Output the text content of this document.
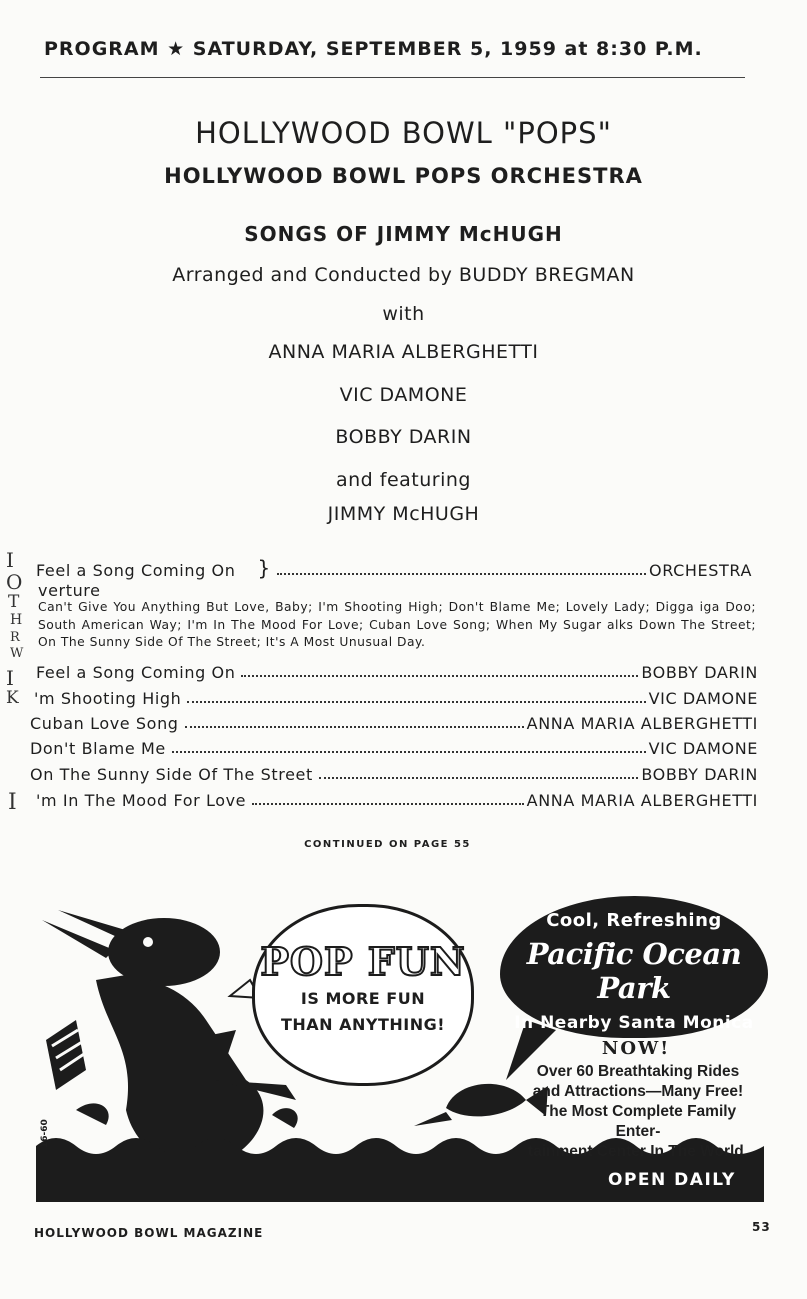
PROGRAM ★ SATURDAY, SEPTEMBER 5, 1959 at 8:30 P.M.
HOLLYWOOD BOWL "POPS"
HOLLYWOOD BOWL POPS ORCHESTRA
SONGS OF JIMMY McHUGH
Arranged and Conducted by BUDDY BREGMAN
with
ANNA MARIA ALBERGHETTI
VIC DAMONE
BOBBY DARIN
and featuring
JIMMY McHUGH
I
O
T
H
R
W
I
K
I
Feel a Song Coming On }	ORCHESTRA
verture
Can't Give You Anything But Love, Baby; I'm Shooting High; Don't Blame Me; Lovely Lady; Digga iga Doo; South American Way; I'm In The Mood For Love; Cuban Love Song; When My Sugar alks Down The Street; On The Sunny Side Of The Street; It's A Most Unusual Day.
Feel a Song Coming On	BOBBY DARIN
'm Shooting High	VIC DAMONE
Cuban Love Song	ANNA MARIA ALBERGHETTI
Don't Blame Me	VIC DAMONE
On The Sunny Side Of The Street	BOBBY DARIN
'm In The Mood For Love	ANNA MARIA ALBERGHETTI
CONTINUED ON PAGE 55
POP FUN
IS MORE FUN
THAN ANYTHING!
Cool, Refreshing
Pacific Ocean Park
In Nearby Santa Monica
NOW!
Over 60 Breathtaking Rides
and Attractions—Many Free!
The Most Complete Family Enter-
tainment Center In The World.
OPEN DAILY
16-60
HOLLYWOOD BOWL MAGAZINE	53
